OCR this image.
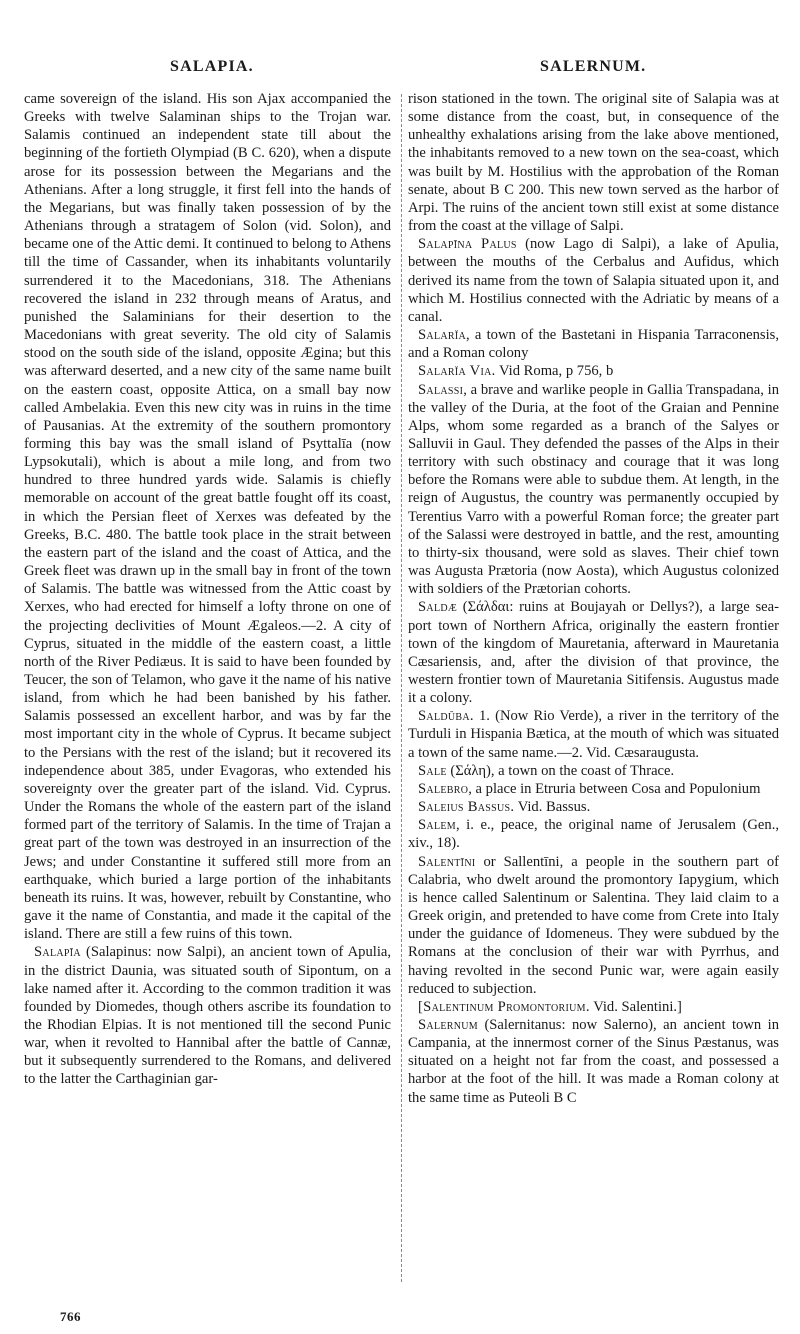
SALAPIA.	SALERNUM.

came sovereign of the island. His son Ajax accompanied the Greeks with twelve Salaminan ships to the Trojan war. Salamis continued an independent state till about the beginning of the fortieth Olympiad (B C. 620), when a dispute arose for its possession between the Megarians and the Athenians. After a long struggle, it first fell into the hands of the Megarians, but was finally taken possession of by the Athenians through a stratagem of Solon (vid. Solon), and became one of the Attic demi. It continued to belong to Athens till the time of Cassander, when its inhabitants voluntarily surrendered it to the Macedonians, 318. The Athenians recovered the island in 232 through means of Aratus, and punished the Salaminians for their desertion to the Macedonians with great severity. The old city of Salamis stood on the south side of the island, opposite Ægina; but this was afterward deserted, and a new city of the same name built on the eastern coast, opposite Attica, on a small bay now called Ambelakia. Even this new city was in ruins in the time of Pausanias. At the extremity of the southern promontory forming this bay was the small island of Psyttalīa (now Lypsokutali), which is about a mile long, and from two hundred to three hundred yards wide. Salamis is chiefly memorable on account of the great battle fought off its coast, in which the Persian fleet of Xerxes was defeated by the Greeks, B.C. 480. The battle took place in the strait between the eastern part of the island and the coast of Attica, and the Greek fleet was drawn up in the small bay in front of the town of Salamis. The battle was witnessed from the Attic coast by Xerxes, who had erected for himself a lofty throne on one of the projecting declivities of Mount Ægaleos.—2. A city of Cyprus, situated in the middle of the eastern coast, a little north of the River Pediæus. It is said to have been founded by Teucer, the son of Telamon, who gave it the name of his native island, from which he had been banished by his father. Salamis possessed an excellent harbor, and was by far the most important city in the whole of Cyprus. It became subject to the Persians with the rest of the island; but it recovered its independence about 385, under Evagoras, who extended his sovereignty over the greater part of the island. Vid. Cyprus. Under the Romans the whole of the eastern part of the island formed part of the territory of Salamis. In the time of Trajan a great part of the town was destroyed in an insurrection of the Jews; and under Constantine it suffered still more from an earthquake, which buried a large portion of the inhabitants beneath its ruins. It was, however, rebuilt by Constantine, who gave it the name of Constantia, and made it the capital of the island. There are still a few ruins of this town.

Salapīa (Salapinus: now Salpi), an ancient town of Apulia, in the district Daunia, was situated south of Sipontum, on a lake named after it. According to the common tradition it was founded by Diomedes, though others ascribe its foundation to the Rhodian Elpias. It is not mentioned till the second Punic war, when it revolted to Hannibal after the battle of Cannæ, but it subsequently surrendered to the Romans, and delivered to the latter the Carthaginian gar-

rison stationed in the town. The original site of Salapia was at some distance from the coast, but, in consequence of the unhealthy exhalations arising from the lake above mentioned, the inhabitants removed to a new town on the sea-coast, which was built by M. Hostilius with the approbation of the Roman senate, about B C 200. This new town served as the harbor of Arpi. The ruins of the ancient town still exist at some distance from the coast at the village of Salpi.

Salapīna Palus (now Lago di Salpi), a lake of Apulia, between the mouths of the Cerbalus and Aufidus, which derived its name from the town of Salapia situated upon it, and which M. Hostilius connected with the Adriatic by means of a canal.

Salarĭa, a town of the Bastetani in Hispania Tarraconensis, and a Roman colony

Salarĭa Via. Vid Roma, p 756, b

Salassi, a brave and warlike people in Gallia Transpadana, in the valley of the Duria, at the foot of the Graian and Pennine Alps, whom some regarded as a branch of the Salyes or Salluvii in Gaul. They defended the passes of the Alps in their territory with such obstinacy and courage that it was long before the Romans were able to subdue them. At length, in the reign of Augustus, the country was permanently occupied by Terentius Varro with a powerful Roman force; the greater part of the Salassi were destroyed in battle, and the rest, amounting to thirty-six thousand, were sold as slaves. Their chief town was Augusta Prætoria (now Aosta), which Augustus colonized with soldiers of the Prætorian cohorts.

Saldæ (Σάλδαι: ruins at Boujayah or Dellys?), a large sea-port town of Northern Africa, originally the eastern frontier town of the kingdom of Mauretania, afterward in Mauretania Cæsariensis, and, after the division of that province, the western frontier town of Mauretania Sitifensis. Augustus made it a colony.

Saldŭba. 1. (Now Rio Verde), a river in the territory of the Turduli in Hispania Bætica, at the mouth of which was situated a town of the same name.—2. Vid. Cæsaraugusta.

Sale (Σάλη), a town on the coast of Thrace.

Salebro, a place in Etruria between Cosa and Populonium

Saleius Bassus. Vid. Bassus.

Salem, i. e., peace, the original name of Jerusalem (Gen., xiv., 18).

Salentīni or Sallentīni, a people in the southern part of Calabria, who dwelt around the promontory Iapygium, which is hence called Salentinum or Salentina. They laid claim to a Greek origin, and pretended to have come from Crete into Italy under the guidance of Idomeneus. They were subdued by the Romans at the conclusion of their war with Pyrrhus, and having revolted in the second Punic war, were again easily reduced to subjection.

[Salentinum Promontorium. Vid. Salentini.]

Salernum (Salernitanus: now Salerno), an ancient town in Campania, at the innermost corner of the Sinus Pæstanus, was situated on a height not far from the coast, and possessed a harbor at the foot of the hill. It was made a Roman colony at the same time as Puteoli B C

766
